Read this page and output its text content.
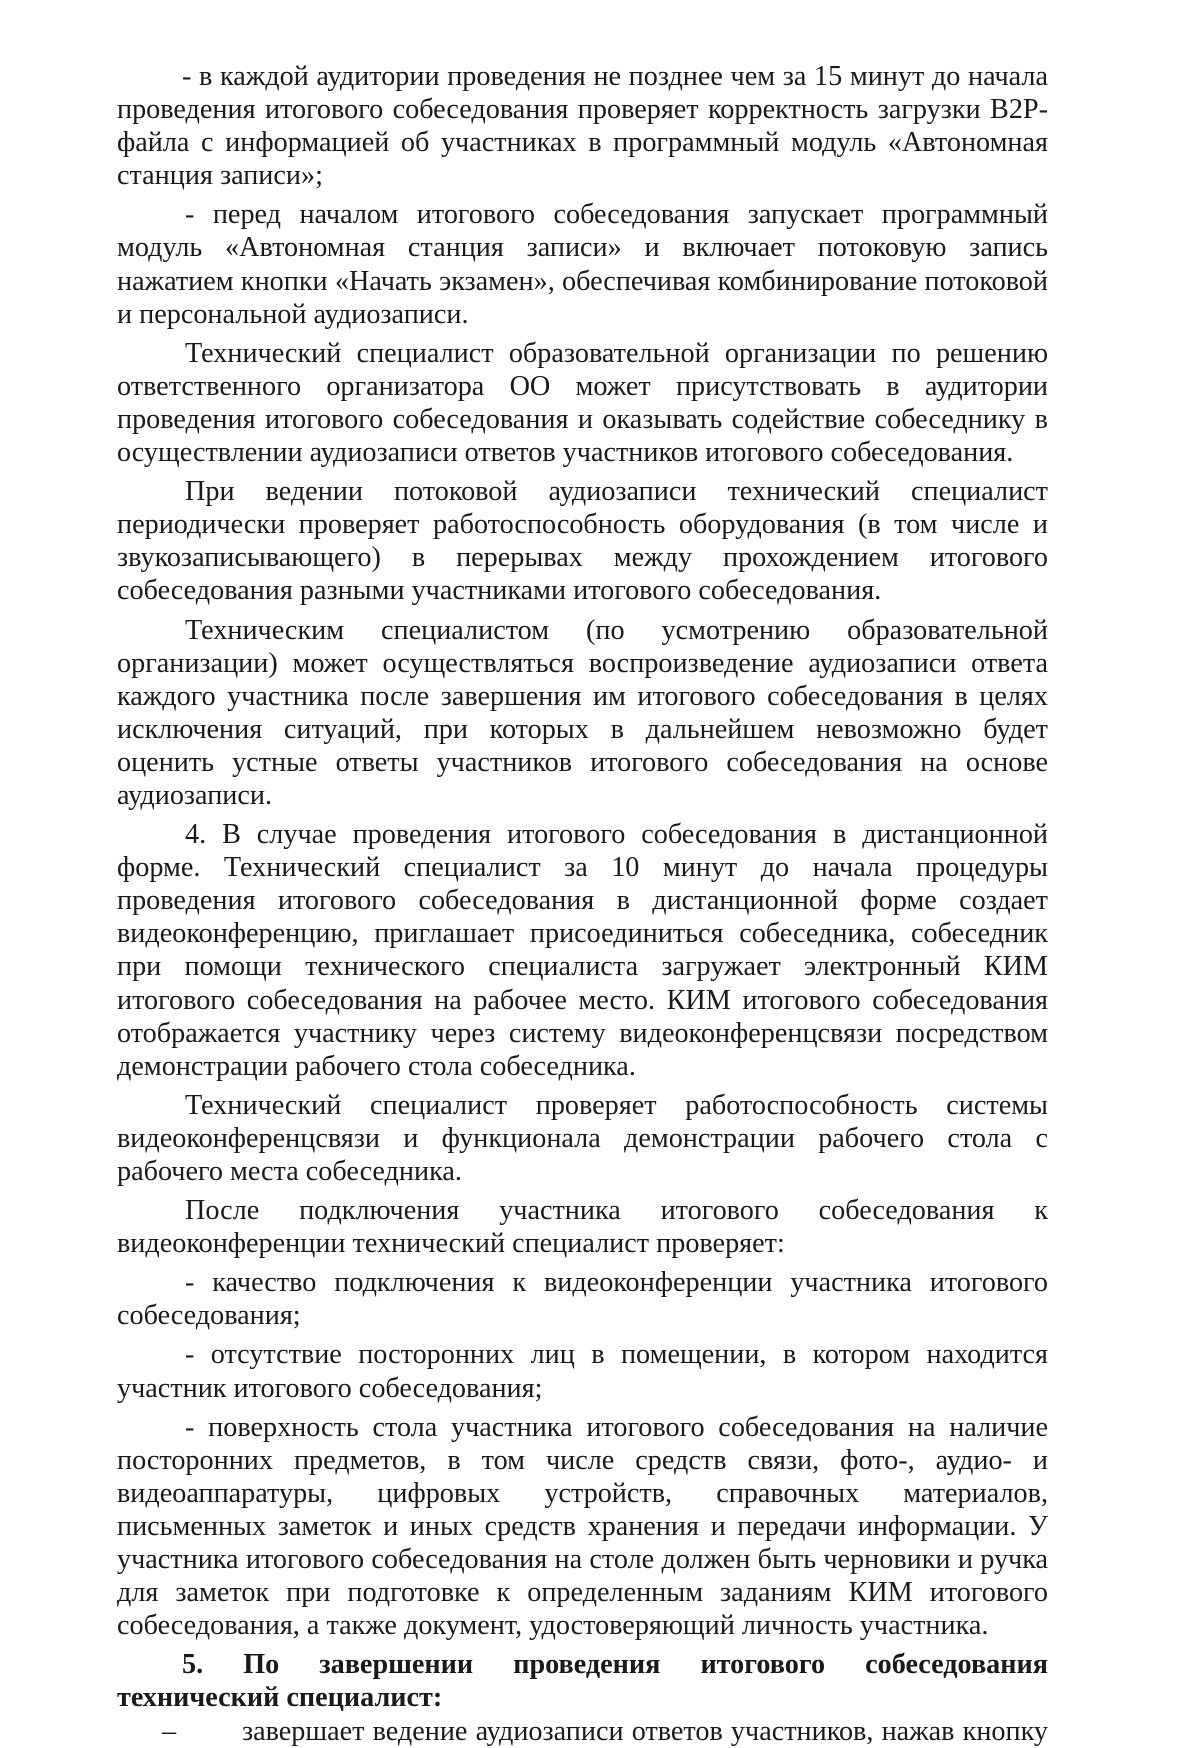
- в каждой аудитории проведения не позднее чем за 15 минут до начала проведения итогового собеседования проверяет корректность загрузки B2P-файла с информацией об участниках в программный модуль «Автономная станция записи»;

- перед началом итогового собеседования запускает программный модуль «Автономная станция записи» и включает потоковую запись нажатием кнопки «Начать экзамен», обеспечивая комбинирование потоковой и персональной аудиозаписи.

Технический специалист образовательной организации по решению ответственного организатора ОО может присутствовать в аудитории проведения итогового собеседования и оказывать содействие собеседнику в осуществлении аудиозаписи ответов участников итогового собеседования.

При ведении потоковой аудиозаписи технический специалист периодически проверяет работоспособность оборудования (в том числе и звукозаписывающего) в перерывах между прохождением итогового собеседования разными участниками итогового собеседования.

Техническим специалистом (по усмотрению образовательной организации) может осуществляться воспроизведение аудиозаписи ответа каждого участника после завершения им итогового собеседования в целях исключения ситуаций, при которых в дальнейшем невозможно будет оценить устные ответы участников итогового собеседования на основе аудиозаписи.

4. В случае проведения итогового собеседования в дистанционной форме. Технический специалист за 10 минут до начала процедуры проведения итогового собеседования в дистанционной форме создает видеоконференцию, приглашает присоединиться собеседника, собеседник при помощи технического специалиста загружает электронный КИМ итогового собеседования на рабочее место. КИМ итогового собеседования отображается участнику через систему видеоконференцсвязи посредством демонстрации рабочего стола собеседника.

Технический специалист проверяет работоспособность системы видеоконференцсвязи и функционала демонстрации рабочего стола с рабочего места собеседника.

После подключения участника итогового собеседования к видеоконференции технический специалист проверяет:

- качество подключения к видеоконференции участника итогового собеседования;

- отсутствие посторонних лиц в помещении, в котором находится участник итогового собеседования;

- поверхность стола участника итогового собеседования на наличие посторонних предметов, в том числе средств связи, фото-, аудио- и видеоаппаратуры, цифровых устройств, справочных материалов, письменных заметок и иных средств хранения и передачи информации. У участника итогового собеседования на столе должен быть черновики и ручка для заметок при подготовке к определенным заданиям КИМ итогового собеседования, а также документ, удостоверяющий личность участника.

5. По завершении проведения итогового собеседования технический специалист:

–	завершает ведение аудиозаписи ответов участников, нажав кнопку
